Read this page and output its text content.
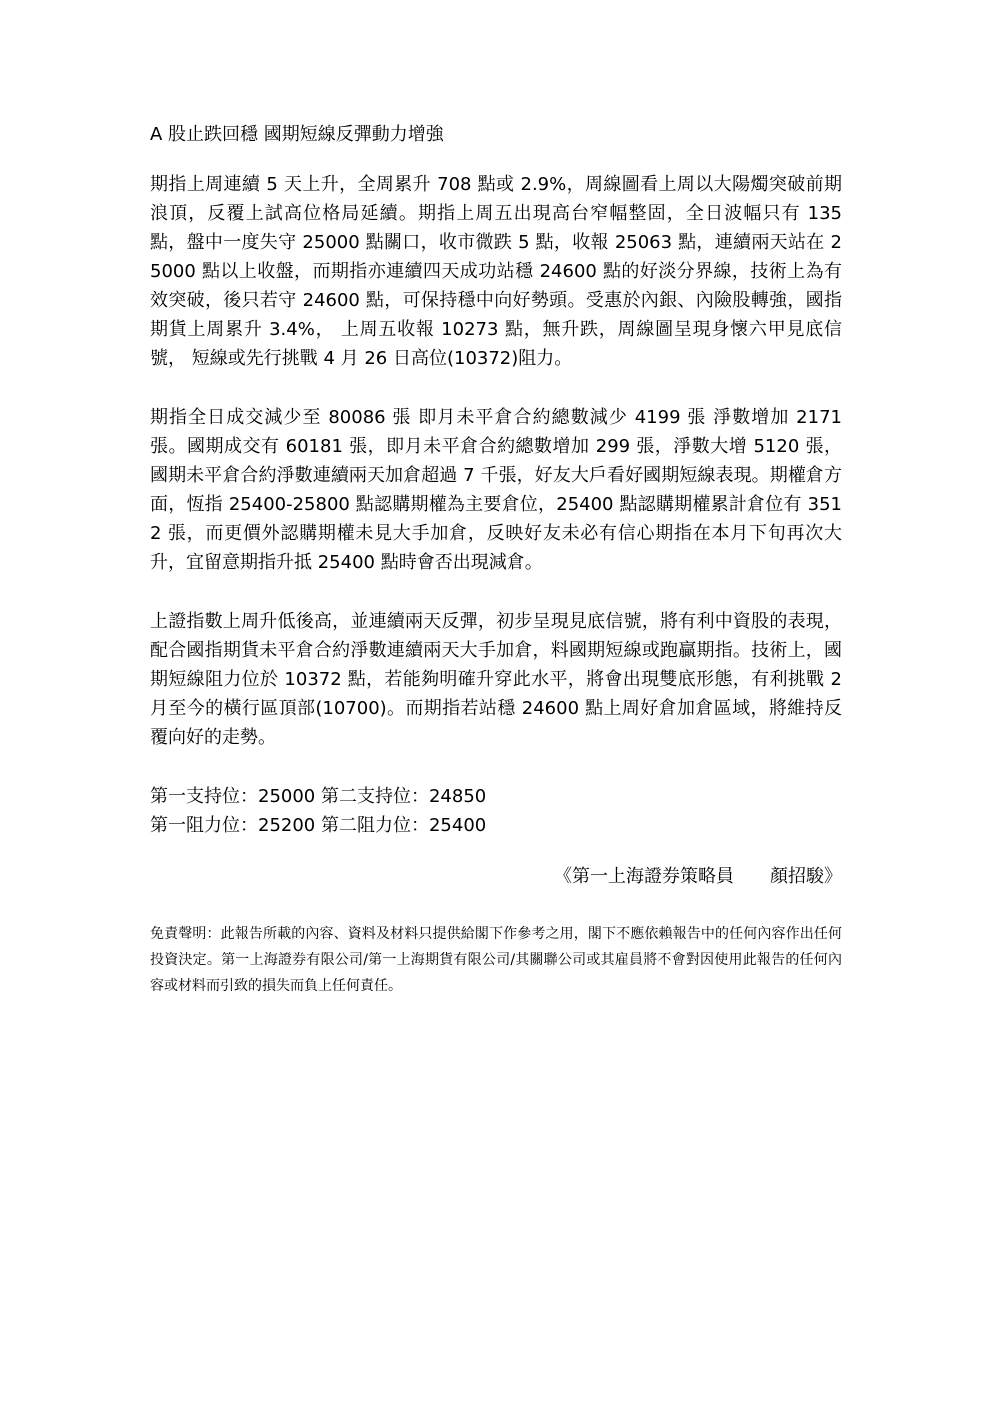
A 股止跌回穩 國期短線反彈動力增強

期指上周連續 5 天上升，全周累升 708 點或 2.9%，周線圖看上周以大陽燭突破前期浪頂，反覆上試高位格局延續。期指上周五出現高台窄幅整固，全日波幅只有 135 點，盤中一度失守 25000 點關口，收市微跌 5 點，收報 25063 點，連續兩天站在 25000 點以上收盤，而期指亦連續四天成功站穩 24600 點的好淡分界線，技術上為有效突破，後只若守 24600 點，可保持穩中向好勢頭。受惠於內銀、內險股轉強，國指期貨上周累升 3.4%， 上周五收報 10273 點，無升跌，周線圖呈現身懷六甲見底信號， 短線或先行挑戰 4 月 26 日高位(10372)阻力。

期指全日成交減少至 80086 張 即月未平倉合約總數減少 4199 張 淨數增加 2171 張。國期成交有 60181 張，即月未平倉合約總數增加 299 張，淨數大增 5120 張，國期未平倉合約淨數連續兩天加倉超過 7 千張，好友大戶看好國期短線表現。期權倉方面，恆指 25400-25800 點認購期權為主要倉位，25400 點認購期權累計倉位有 3512 張，而更價外認購期權未見大手加倉，反映好友未必有信心期指在本月下旬再次大升，宜留意期指升抵 25400 點時會否出現減倉。

上證指數上周升低後高，並連續兩天反彈，初步呈現見底信號，將有利中資股的表現，配合國指期貨未平倉合約淨數連續兩天大手加倉，料國期短線或跑贏期指。技術上，國期短線阻力位於 10372 點，若能夠明確升穿此水平，將會出現雙底形態，有利挑戰 2 月至今的橫行區頂部(10700)。而期指若站穩 24600 點上周好倉加倉區域，將維持反覆向好的走勢。

第一支持位：25000 第二支持位：24850
第一阻力位：25200 第二阻力位：25400
《第一上海證券策略員　　顏招駿》

免責聲明：此報告所載的內容、資料及材料只提供給閣下作參考之用，閣下不應依賴報告中的任何內容作出任何投資決定。第一上海證券有限公司/第一上海期貨有限公司/其關聯公司或其雇員將不會對因使用此報告的任何內容或材料而引致的損失而負上任何責任。
